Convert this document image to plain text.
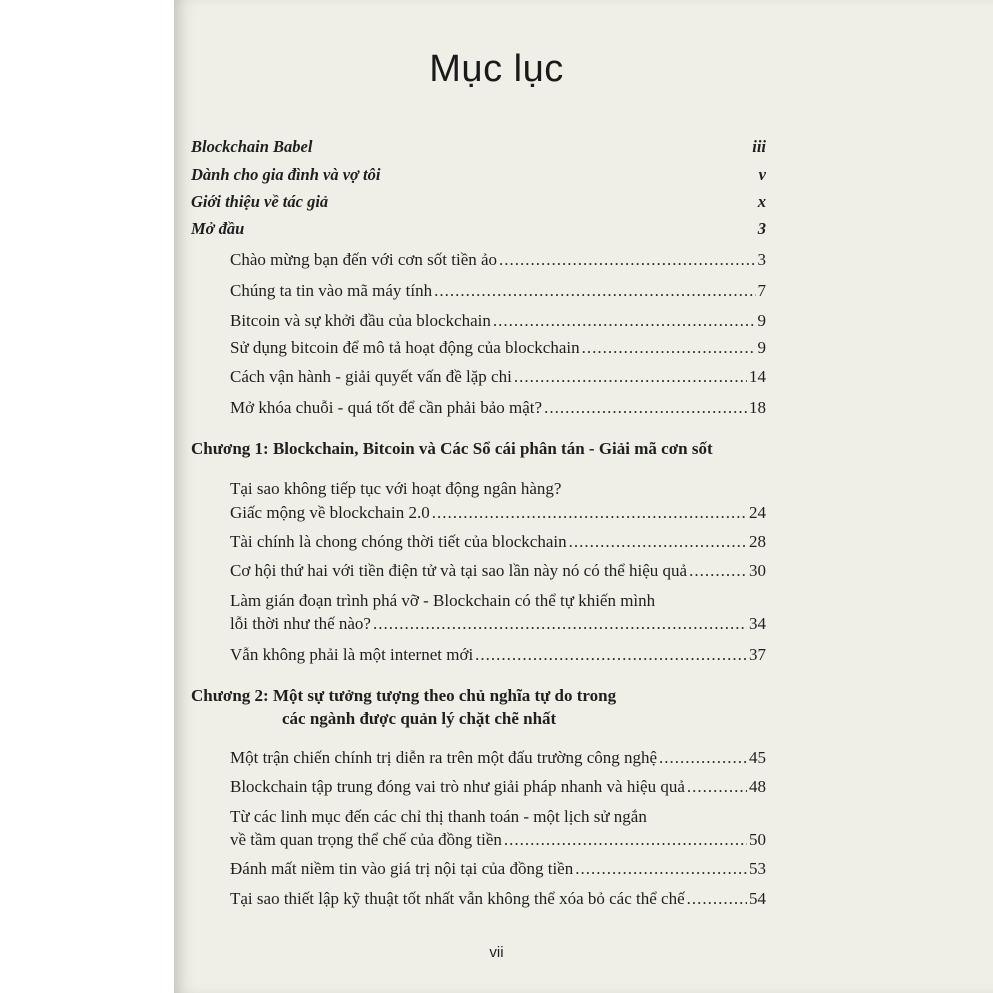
Mục lục
Blockchain Babel	iii
Dành cho gia đình và vợ tôi	v
Giới thiệu về tác giả	x
Mở đầu	3
Chào mừng bạn đến với cơn sốt tiền ảo .....	3
Chúng ta tin vào mã máy tính .....	7
Bitcoin và sự khởi đầu của blockchain .....	9
Sử dụng bitcoin để mô tả hoạt động của blockchain .....	9
Cách vận hành - giải quyết vấn đề lặp chi .....	14
Mở khóa chuỗi - quá tốt để cần phải bảo mật? .....	18
Chương 1: Blockchain, Bitcoin và Các Sổ cái phân tán - Giải mã cơn sốt
Tại sao không tiếp tục với hoạt động ngân hàng?
Giấc mộng về blockchain 2.0 .....	24
Tài chính là chong chóng thời tiết của blockchain .....	28
Cơ hội thứ hai với tiền điện tử và tại sao lần này nó có thể hiệu quả .....	30
Làm gián đoạn trình phá vỡ - Blockchain có thể tự khiến mình
lỗi thời như thế nào? .....	34
Vẫn không phải là một internet mới .....	37
Chương 2: Một sự tưởng tượng theo chủ nghĩa tự do trong
các ngành được quản lý chặt chẽ nhất
Một trận chiến chính trị diễn ra trên một đấu trường công nghệ .....	45
Blockchain tập trung đóng vai trò như giải pháp nhanh và hiệu quả .....	48
Từ các linh mục đến các chỉ thị thanh toán - một lịch sử ngắn
về tầm quan trọng thể chế của đồng tiền .....	50
Đánh mất niềm tin vào giá trị nội tại của đồng tiền .....	53
Tại sao thiết lập kỹ thuật tốt nhất vẫn không thể xóa bỏ các thể chế .....	54
vii
